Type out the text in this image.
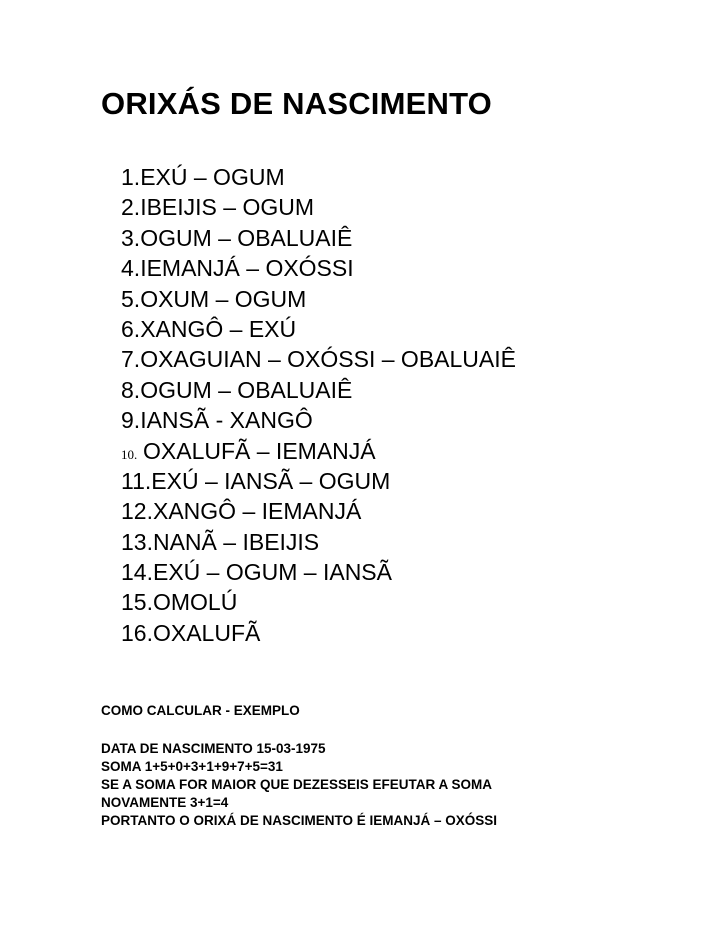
ORIXÁS DE NASCIMENTO
1.EXÚ – OGUM
2.IBEIJIS – OGUM
3.OGUM – OBALUAIÊ
4.IEMANJÁ – OXÓSSI
5.OXUM – OGUM
6.XANGÔ – EXÚ
7.OXAGUIAN – OXÓSSI – OBALUAIÊ
8.OGUM – OBALUAIÊ
9.IANSÃ - XANGÔ
10. OXALUFÃ – IEMANJÁ
11.EXÚ – IANSÃ – OGUM
12.XANGÔ – IEMANJÁ
13.NANÃ – IBEIJIS
14.EXÚ – OGUM – IANSÃ
15.OMOLÚ
16.OXALUFÃ
COMO CALCULAR - EXEMPLO
DATA DE NASCIMENTO 15-03-1975
SOMA 1+5+0+3+1+9+7+5=31
SE A SOMA FOR MAIOR QUE DEZESSEIS EFEUTAR A SOMA
NOVAMENTE 3+1=4
PORTANTO O ORIXÁ DE NASCIMENTO É IEMANJÁ – OXÓSSI
